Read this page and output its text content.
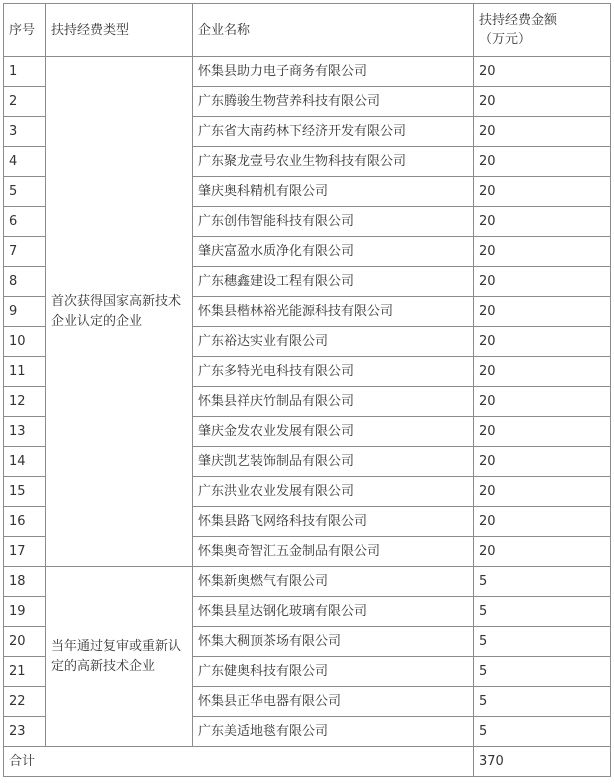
序号	扶持经费类型	企业名称	扶持经费金额
（万元）
1	首次获得国家高新技术企业认定的企业	怀集县助力电子商务有限公司	20
2		广东腾骏生物营养科技有限公司	20
3		广东省大南药林下经济开发有限公司	20
4		广东聚龙壹号农业生物科技有限公司	20
5		肇庆奥科精机有限公司	20
6		广东创伟智能科技有限公司	20
7		肇庆富盈水质净化有限公司	20
8		广东穗鑫建设工程有限公司	20
9		怀集县楷林裕光能源科技有限公司	20
10		广东裕达实业有限公司	20
11		广东多特光电科技有限公司	20
12		怀集县祥庆竹制品有限公司	20
13		肇庆金发农业发展有限公司	20
14		肇庆凯艺装饰制品有限公司	20
15		广东洪业农业发展有限公司	20
16		怀集县路飞网络科技有限公司	20
17		怀集奥奇智汇五金制品有限公司	20
18	当年通过复审或重新认定的高新技术企业	怀集新奥燃气有限公司	5
19		怀集县星达钢化玻璃有限公司	5
20		怀集大稠顶茶场有限公司	5
21		广东健奥科技有限公司	5
22		怀集县正华电器有限公司	5
23		广东美适地毯有限公司	5
合计			370
